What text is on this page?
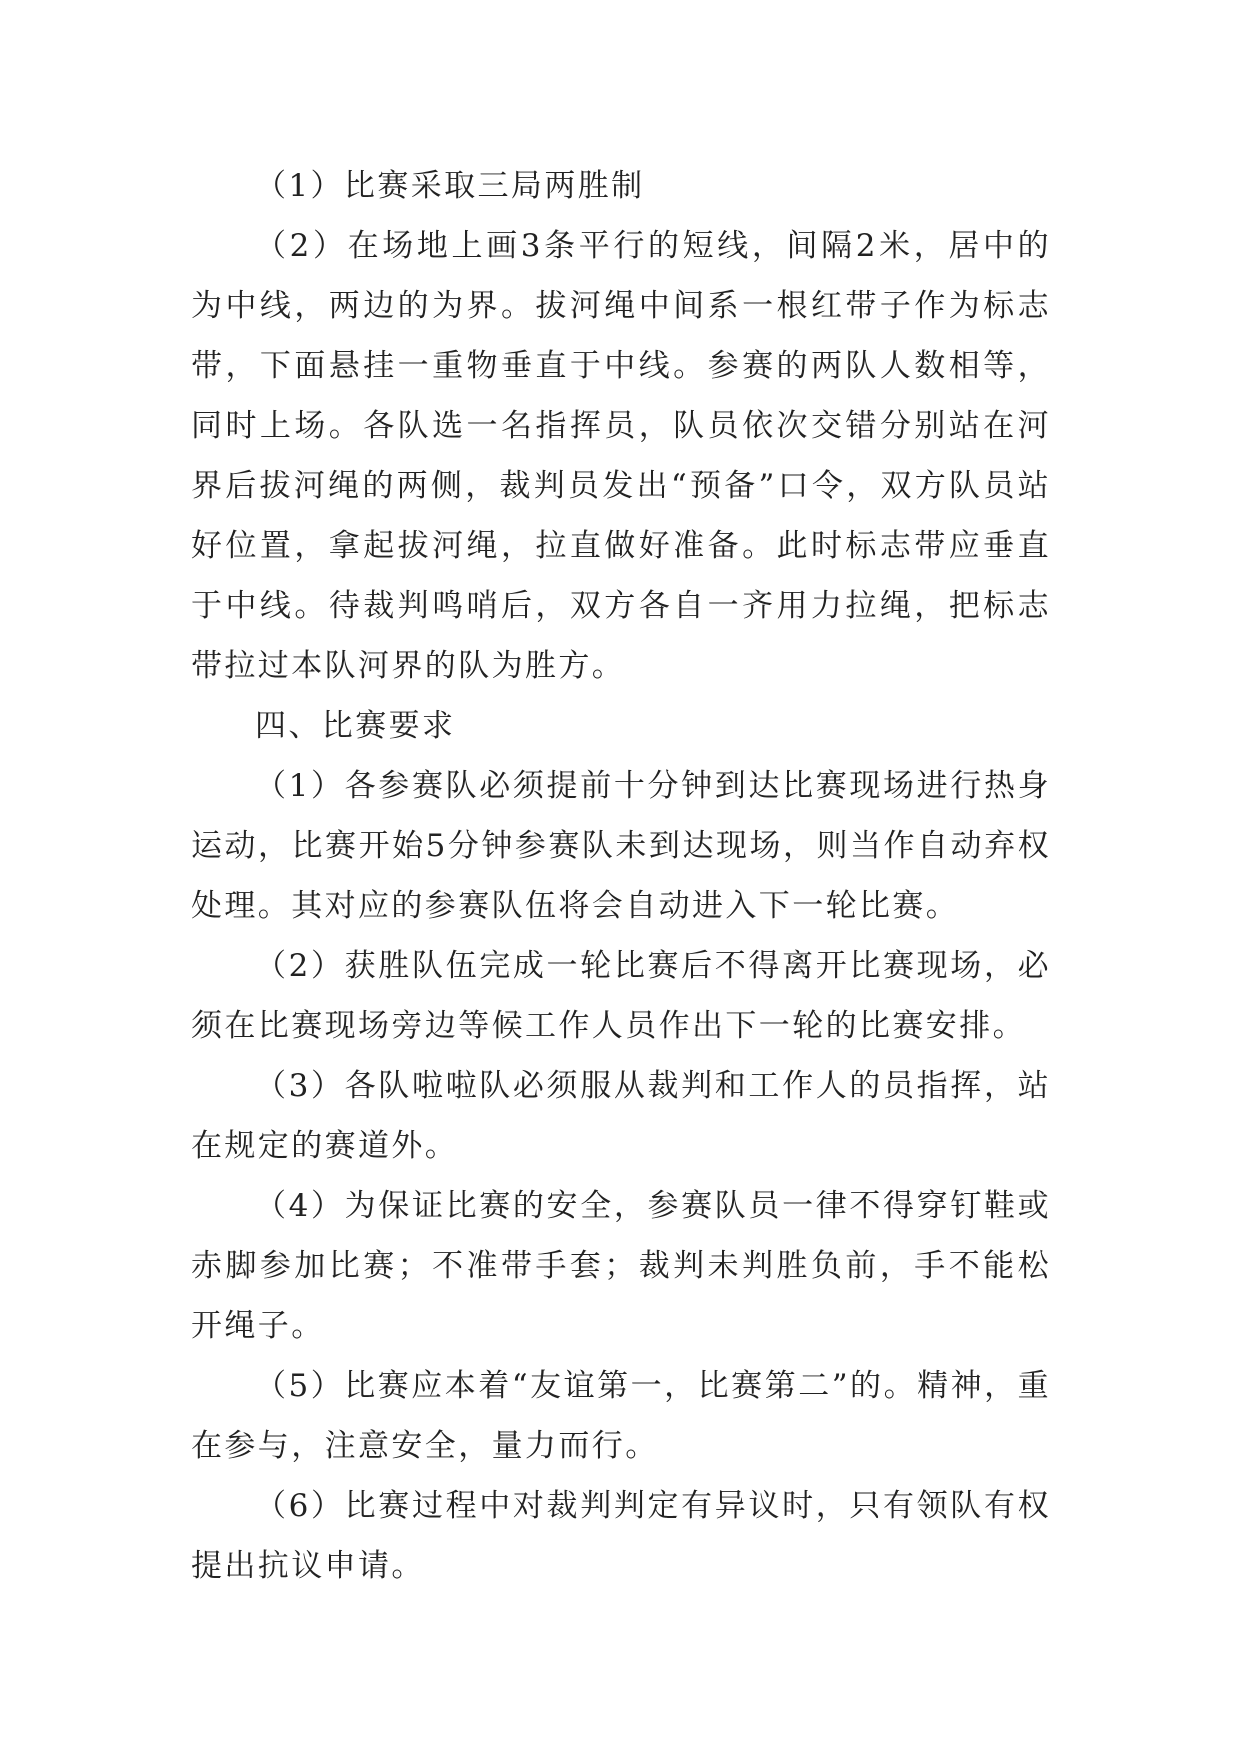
（1）比赛采取三局两胜制

（2）在场地上画3条平行的短线，间隔2米，居中的为中线，两边的为界。拔河绳中间系一根红带子作为标志带，下面悬挂一重物垂直于中线。参赛的两队人数相等，同时上场。各队选一名指挥员，队员依次交错分别站在河界后拔河绳的两侧，裁判员发出“预备”口令，双方队员站好位置，拿起拔河绳，拉直做好准备。此时标志带应垂直于中线。待裁判鸣哨后，双方各自一齐用力拉绳，把标志带拉过本队河界的队为胜方。

四、比赛要求

（1）各参赛队必须提前十分钟到达比赛现场进行热身运动，比赛开始5分钟参赛队未到达现场，则当作自动弃权处理。其对应的参赛队伍将会自动进入下一轮比赛。

（2）获胜队伍完成一轮比赛后不得离开比赛现场，必须在比赛现场旁边等候工作人员作出下一轮的比赛安排。

（3）各队啦啦队必须服从裁判和工作人的员指挥，站在规定的赛道外。

（4）为保证比赛的安全，参赛队员一律不得穿钉鞋或赤脚参加比赛；不准带手套；裁判未判胜负前，手不能松开绳子。

（5）比赛应本着“友谊第一，比赛第二”的。精神，重在参与，注意安全，量力而行。

（6）比赛过程中对裁判判定有异议时，只有领队有权提出抗议申请。
